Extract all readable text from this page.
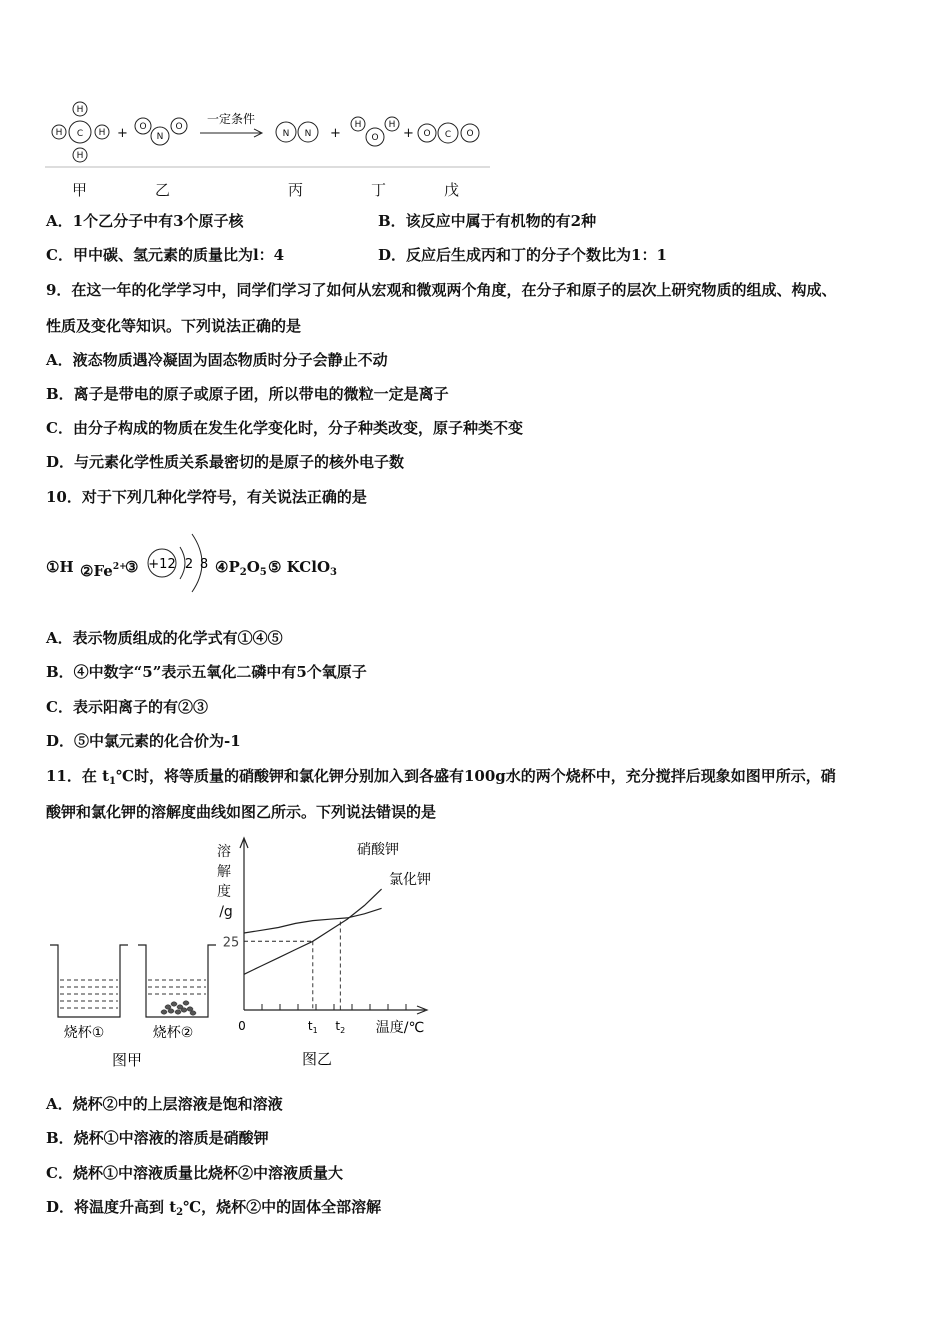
H
H C H
H
O
N
O
N N
H
O
H
O C O
+	+	+
一定条件
甲	乙	丙	丁	戊
A．1个乙分子中有3个原子核	B．该反应中属于有机物的有2种
C．甲中碳、氢元素的质量比为l：4	D．反应后生成丙和丁的分子个数比为1：1
9．在这一年的化学学习中，同学们学习了如何从宏观和微观两个角度，在分子和原子的层次上研究物质的组成、构成、
性质及变化等知识。下列说法正确的是
A．液态物质遇冷凝固为固态物质时分子会静止不动
B．离子是带电的原子或原子团，所以带电的微粒一定是离子
C．由分子构成的物质在发生化学变化时，分子种类改变，原子种类不变
D．与元素化学性质关系最密切的是原子的核外电子数
10．对于下列几种化学符号，有关说法正确的是
①H $②Fe^{2+}$
③ +12 2 8 $④P_2O_5$ ⑤ KClO$_3$
A．表示物质组成的化学式有①④⑤
B．④中数字“5”表示五氧化二磷中有5个氧原子
C．表示阳离子的有②③
D．⑤中氯元素的化合价为-1
11．在 $t_1℃$时，将等质量的硝酸钾和氯化钾分别加入到各盛有100g水的两个烧杯中，充分搅拌后现象如图甲所示，硝
酸钾和氯化钾的溶解度曲线如图乙所示。下列说法错误的是
烧杯①	烧杯②
图甲
溶
解
度
/g
25
0	$t_1$ $t_2$ 温度/℃
硝酸钾
氯化钾
图乙
A．烧杯②中的上层溶液是饱和溶液
B．烧杯①中溶液的溶质是硝酸钾
C．烧杯①中溶液质量比烧杯②中溶液质量大
D．将温度升高到 $t_2℃$，烧杯②中的固体全部溶解
